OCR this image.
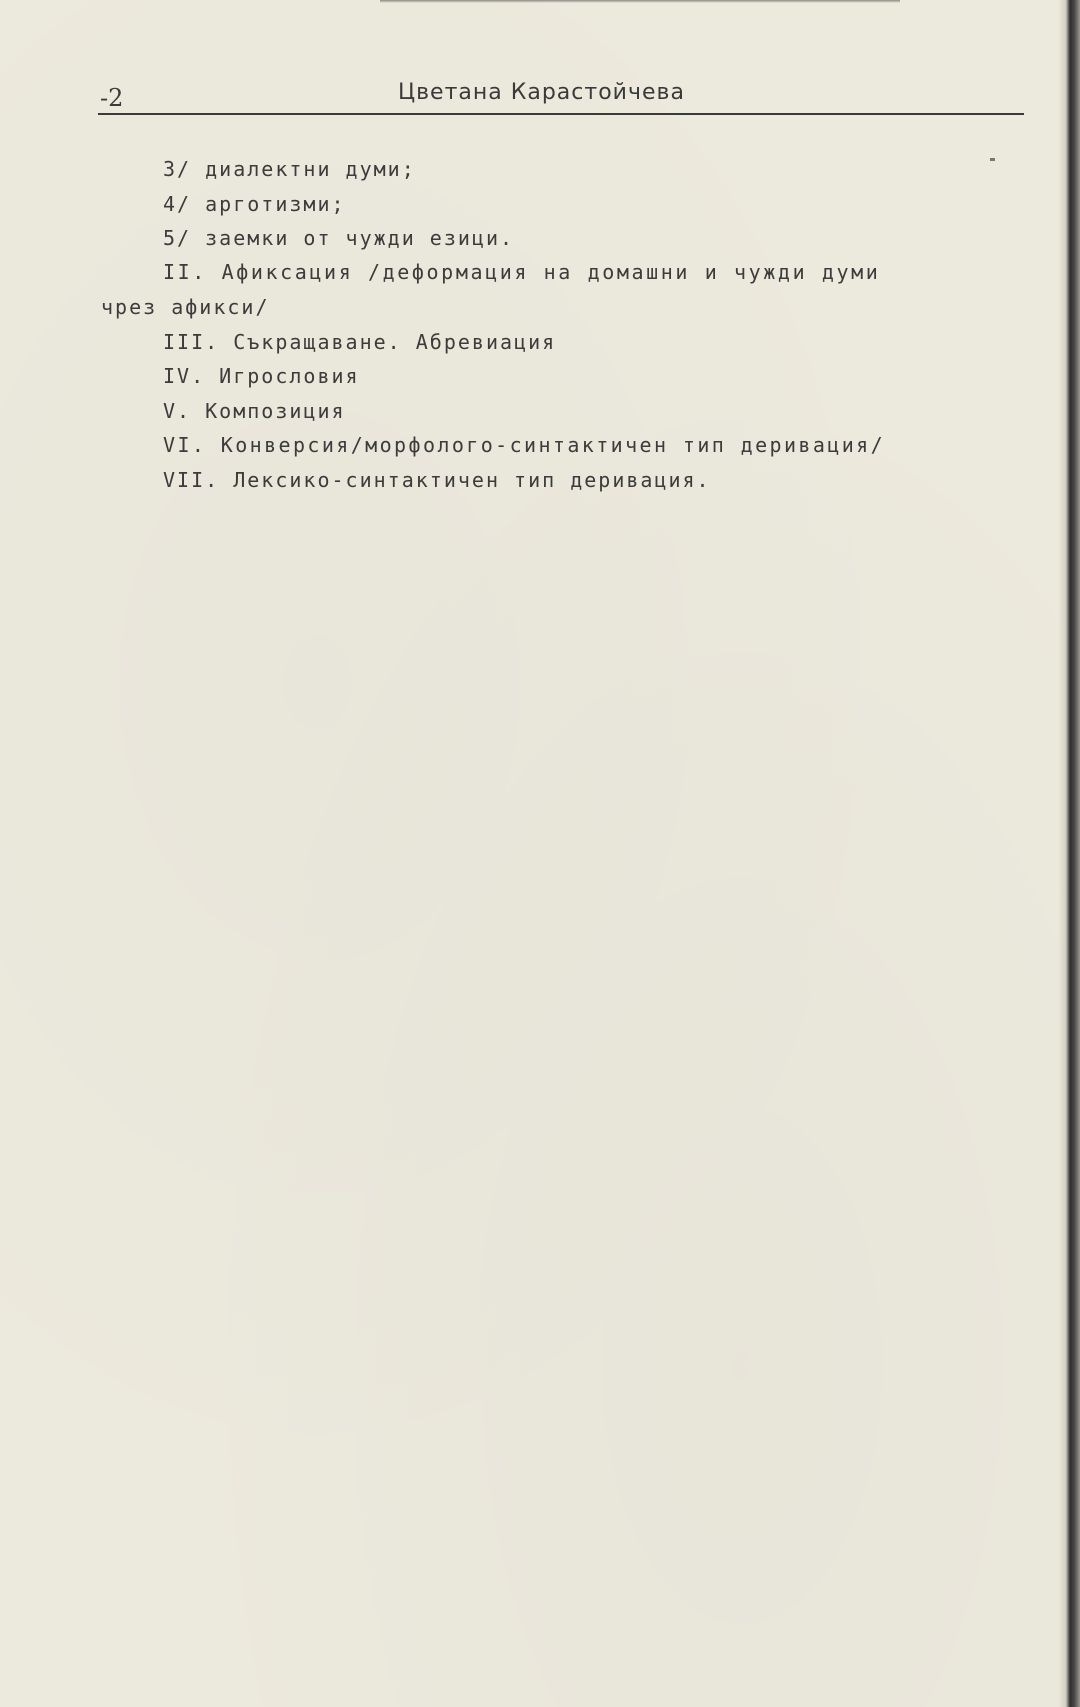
-2	Цветана Карастойчева
3/ диалектни думи;
4/ арготизми;
5/ заемки от чужди езици.
II. Афиксация /деформация на домашни и чужди думи
чрез афикси/
III. Съкращаване. Абревиация
IV. Игрословия
V. Композиция
VI. Конверсия/морфолого-синтактичен тип деривация/
VII. Лексико-синтактичен тип деривация.
